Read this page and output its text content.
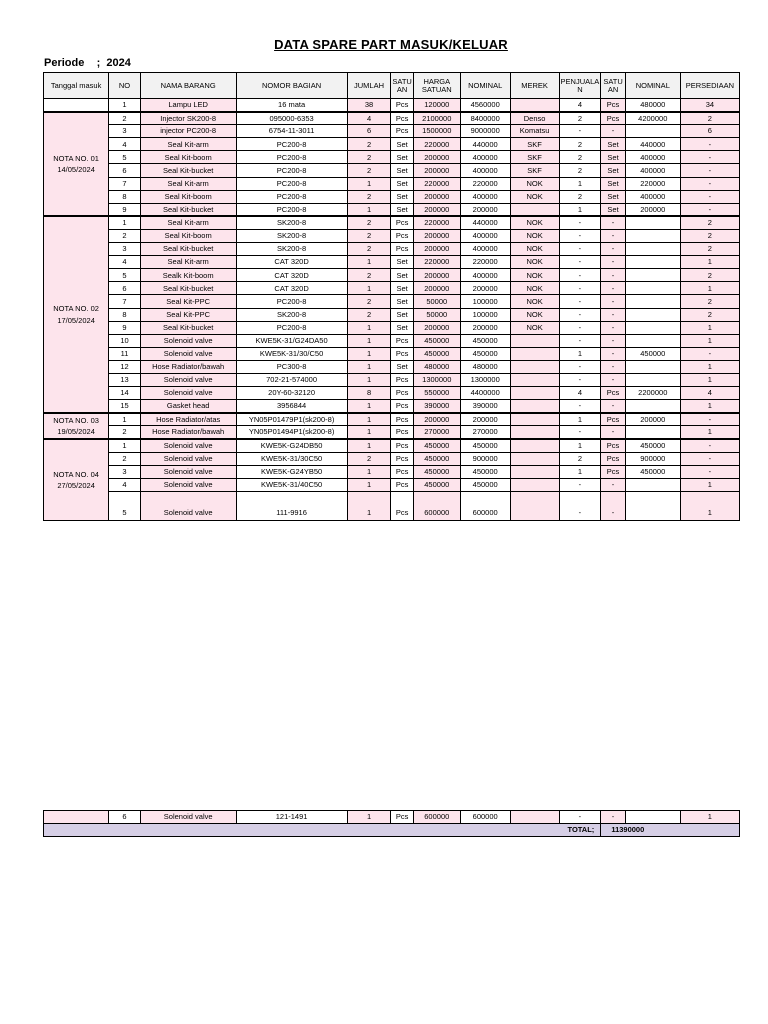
DATA SPARE PART MASUK/KELUAR
Periode    ;  2024
Tanggal masuk	NO	NAMA BARANG	NOMOR BAGIAN	JUMLAH	SATU AN	HARGA SATUAN	NOMINAL	MEREK	PENJUALA N	SATU AN	NOMINAL	PERSEDIAAN
	1	Lampu LED	16 mata	38	Pcs	120000	4560000		4	Pcs	480000	34
NOTA NO. 01
14/05/2024	2	Injector SK200-8	095000-6353	4	Pcs	2100000	8400000	Denso	2	Pcs	4200000	2
	3	injector PC200-8	6754-11-3011	6	Pcs	1500000	9000000	Komatsu	-	-		6
	4	Seal Kit-arm	PC200-8	2	Set	220000	440000	SKF	2	Set	440000	-
	5	Seal Kit-boom	PC200-8	2	Set	200000	400000	SKF	2	Set	400000	-
	6	Seal Kit-bucket	PC200-8	2	Set	200000	400000	SKF	2	Set	400000	-
	7	Seal Kit-arm	PC200-8	1	Set	220000	220000	NOK	1	Set	220000	-
	8	Seal Kit-boom	PC200-8	2	Set	200000	400000	NOK	2	Set	400000	-
	9	Seal Kit-bucket	PC200-8	1	Set	200000	200000		1	Set	200000	-
NOTA NO. 02
17/05/2024	1	Seal Kit-arm	SK200-8	2	Pcs	220000	440000	NOK	-	-		2
	2	Seal Kit-boom	SK200-8	2	Pcs	200000	400000	NOK	-	-		2
	3	Seal Kit-bucket	SK200-8	2	Pcs	200000	400000	NOK	-	-		2
	4	Seal Kit-arm	CAT 320D	1	Set	220000	220000	NOK	-	-		1
	5	Sealk Kit-boom	CAT 320D	2	Set	200000	400000	NOK	-	-		2
	6	Seal Kit-bucket	CAT 320D	1	Set	200000	200000	NOK	-	-		1
	7	Seal Kit-PPC	PC200-8	2	Set	50000	100000	NOK	-	-		2
	8	Seal Kit-PPC	SK200-8	2	Set	50000	100000	NOK	-	-		2
	9	Seal Kit-bucket	PC200-8	1	Set	200000	200000	NOK	-	-		1
	10	Solenoid valve	KWE5K-31/G24DA50	1	Pcs	450000	450000		-	-		1
	11	Solenoid valve	KWE5K-31/30/C50	1	Pcs	450000	450000		1	-	450000	-
	12	Hose Radiator/bawah	PC300-8	1	Set	480000	480000		-	-		1
	13	Solenoid valve	702-21-574000	1	Pcs	1300000	1300000		-	-		1
	14	Solenoid valve	20Y-60-32120	8	Pcs	550000	4400000		4	Pcs	2200000	4
	15	Gasket head	3956844	1	Pcs	390000	390000		-	-		1
NOTA NO. 03
19/05/2024	1	Hose Radiator/atas	YN05P01479P1(sk200-8)	1	Pcs	200000	200000		1	Pcs	200000	-
	2	Hose Radiator/bawah	YN05P01494P1(sk200-8)	1	Pcs	270000	270000		-	-		1
NOTA NO. 04
27/05/2024	1	Solenoid valve	KWE5K-G24DB50	1	Pcs	450000	450000		1	Pcs	450000	-
	2	Solenoid valve	KWE5K-31/30C50	2	Pcs	450000	900000		2	Pcs	900000	-
	3	Solenoid valve	KWE5K-G24YB50	1	Pcs	450000	450000		1	Pcs	450000	-
	4	Solenoid valve	KWE5K-31/40C50	1	Pcs	450000	450000		-	-		1
	5	Solenoid valve	111-9916	1	Pcs	600000	600000		-	-		1
	6	Solenoid valve	121-1491	1	Pcs	600000	600000		-	-		1
TOTAL;										11390000		
